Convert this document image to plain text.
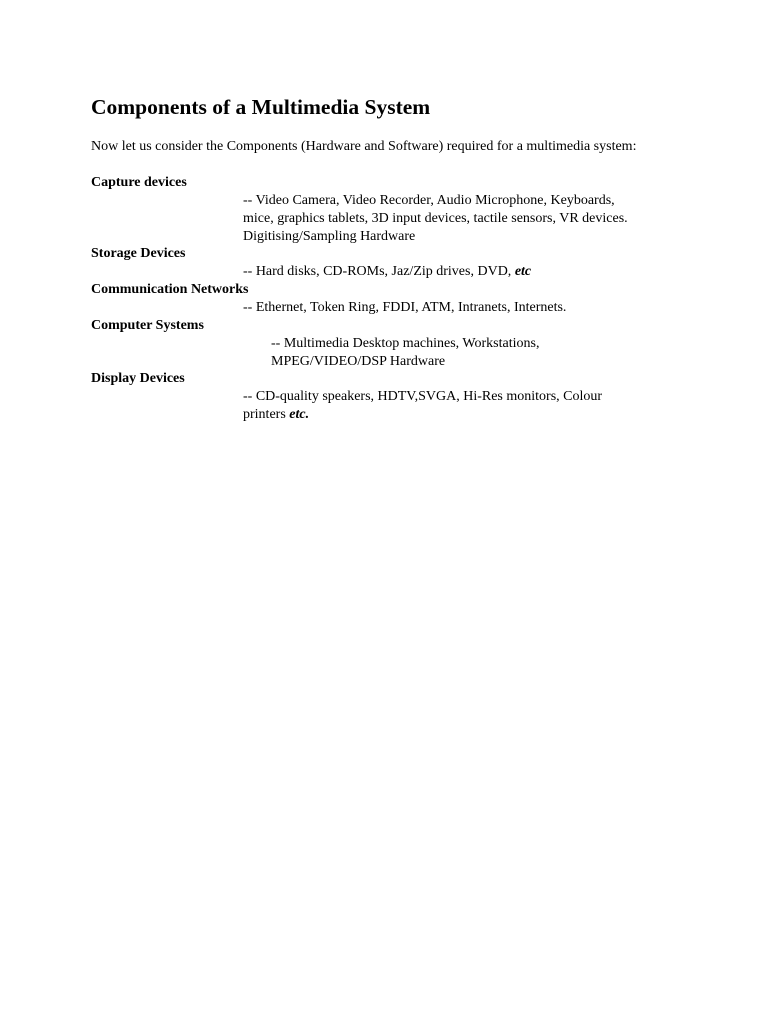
Components of a Multimedia System

Now let us consider the Components (Hardware and Software) required for a multimedia system:

Capture devices
-- Video Camera, Video Recorder, Audio Microphone, Keyboards,
mice, graphics tablets, 3D input devices, tactile sensors, VR devices.
Digitising/Sampling Hardware
Storage Devices
-- Hard disks, CD-ROMs, Jaz/Zip drives, DVD, etc
Communication Networks
-- Ethernet, Token Ring, FDDI, ATM, Intranets, Internets.
Computer Systems
-- Multimedia Desktop machines, Workstations,
MPEG/VIDEO/DSP Hardware
Display Devices
-- CD-quality speakers, HDTV,SVGA, Hi-Res monitors, Colour
printers etc.
